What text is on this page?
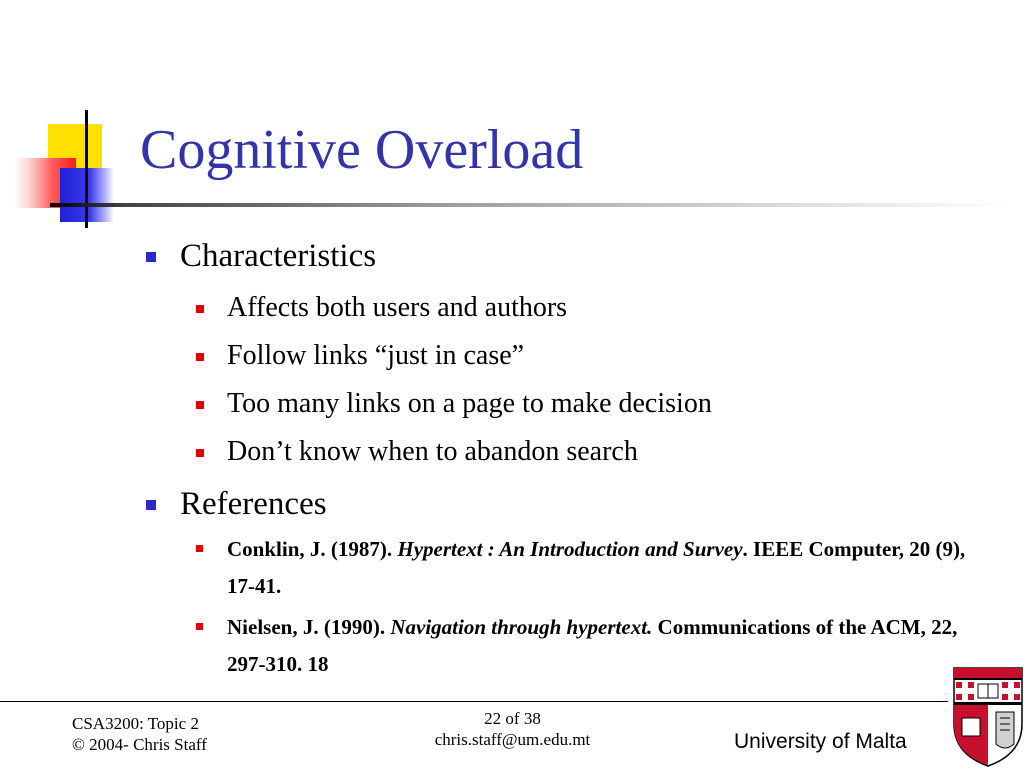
Cognitive Overload
Characteristics
Affects both users and authors
Follow links “just in case”
Too many links on a page to make decision
Don’t know when to abandon search
References
Conklin, J. (1987). Hypertext : An Introduction and Survey. IEEE Computer, 20 (9), 17-41.
Nielsen, J. (1990). Navigation through hypertext. Communications of the ACM, 22, 297-310. 18
CSA3200: Topic 2
© 2004- Chris Staff
22 of 38
chris.staff@um.edu.mt	University of Malta
